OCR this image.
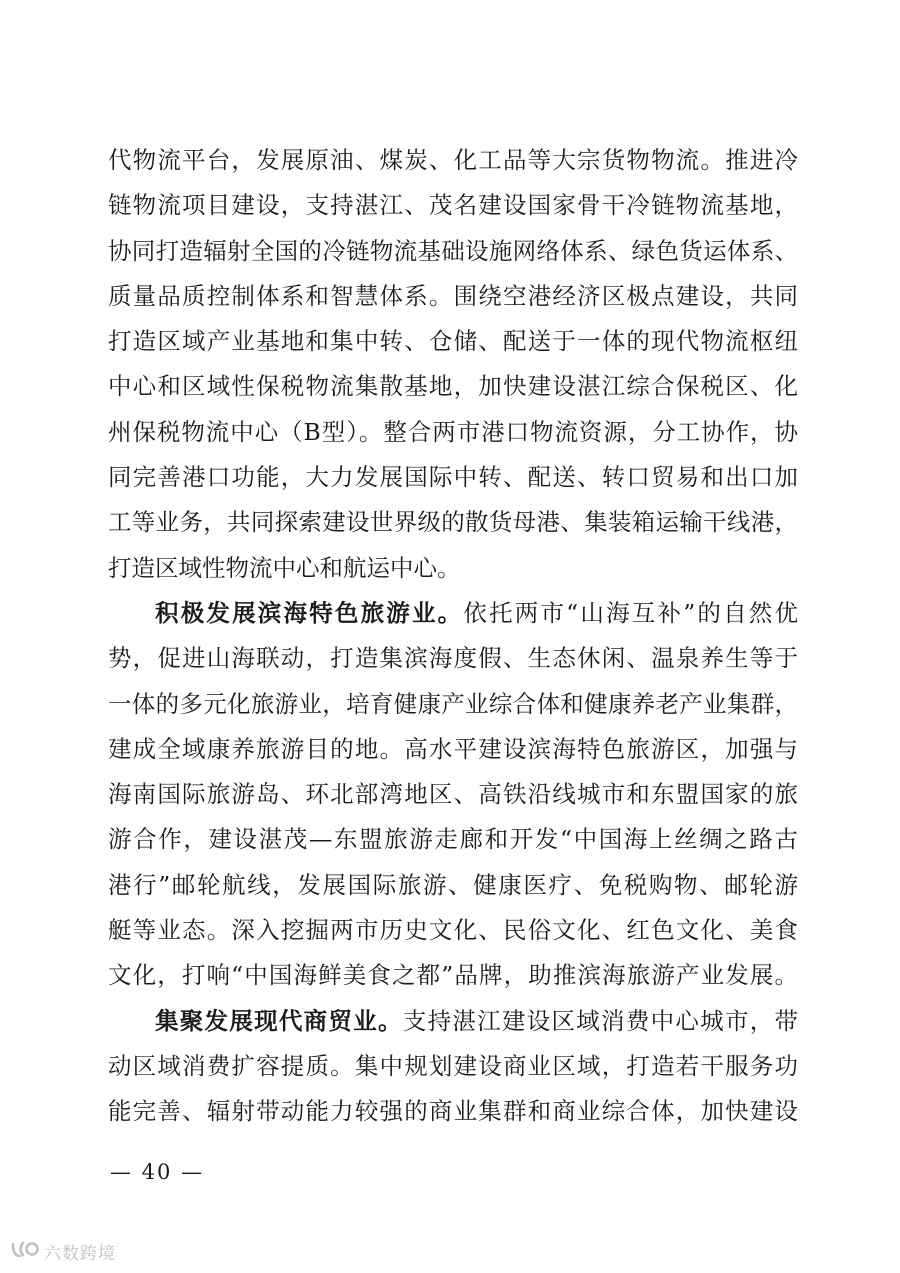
代物流平台，发展原油、煤炭、化工品等大宗货物物流。推进冷
链物流项目建设，支持湛江、茂名建设国家骨干冷链物流基地，
协同打造辐射全国的冷链物流基础设施网络体系、绿色货运体系、
质量品质控制体系和智慧体系。围绕空港经济区极点建设，共同
打造区域产业基地和集中转、仓储、配送于一体的现代物流枢纽
中心和区域性保税物流集散基地，加快建设湛江综合保税区、化
州保税物流中心（B型）。整合两市港口物流资源，分工协作，协
同完善港口功能，大力发展国际中转、配送、转口贸易和出口加
工等业务，共同探索建设世界级的散货母港、集装箱运输干线港，
打造区域性物流中心和航运中心。
积极发展滨海特色旅游业。依托两市“山海互补”的自然优
势，促进山海联动，打造集滨海度假、生态休闲、温泉养生等于
一体的多元化旅游业，培育健康产业综合体和健康养老产业集群，
建成全域康养旅游目的地。高水平建设滨海特色旅游区，加强与
海南国际旅游岛、环北部湾地区、高铁沿线城市和东盟国家的旅
游合作，建设湛茂—东盟旅游走廊和开发“中国海上丝绸之路古
港行”邮轮航线，发展国际旅游、健康医疗、免税购物、邮轮游
艇等业态。深入挖掘两市历史文化、民俗文化、红色文化、美食
文化，打响“中国海鲜美食之都”品牌，助推滨海旅游产业发展。
集聚发展现代商贸业。支持湛江建设区域消费中心城市，带
动区域消费扩容提质。集中规划建设商业区域，打造若干服务功
能完善、辐射带动能力较强的商业集群和商业综合体，加快建设
— 40 —
六数跨境
